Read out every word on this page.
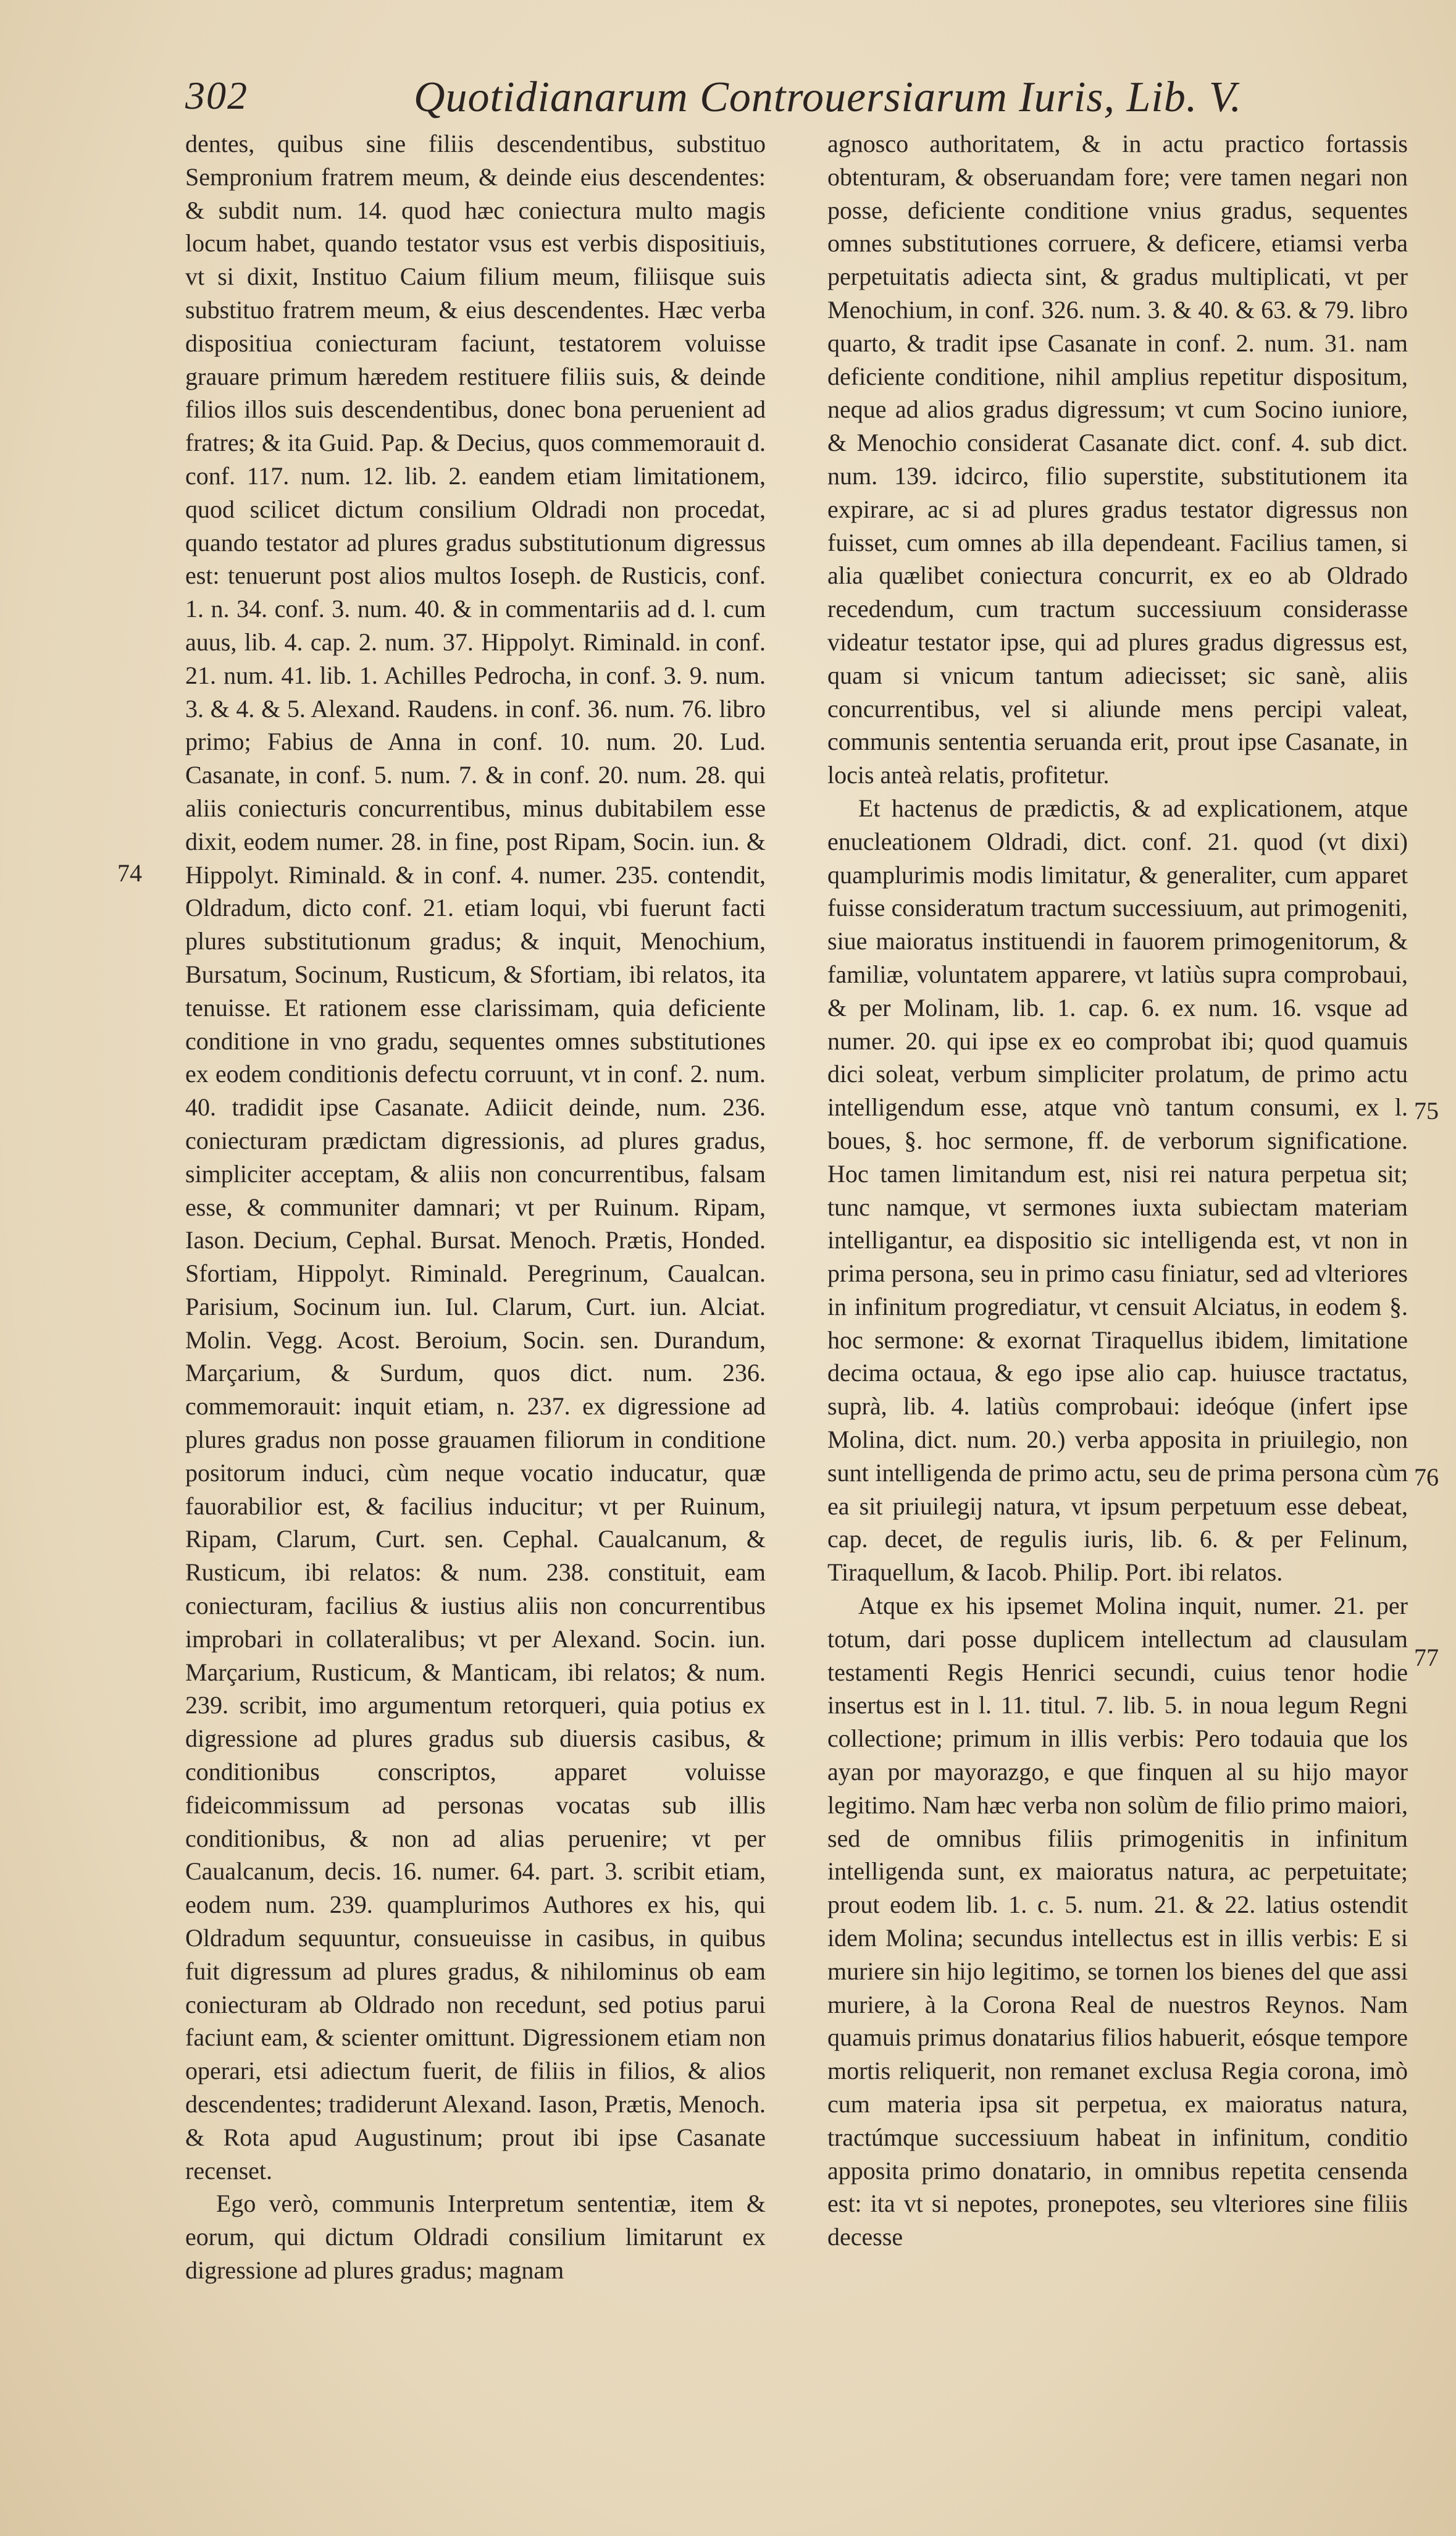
302	Quotidianarum Controuersiarum Iuris, Lib. V.

dentes, quibus sine filiis descendentibus, substituo Sempronium fratrem meum, & deinde eius descendentes: & subdit num. 14. quod hæc coniectura multo magis locum habet, quando testator vsus est verbis dispositiuis, vt si dixit, Instituo Caium filium meum, filiisque suis substituo fratrem meum, & eius descendentes. Hæc verba dispositiua coniecturam faciunt, testatorem voluisse grauare primum hæredem restituere filiis suis, & deinde filios illos suis descendentibus, donec bona peruenient ad fratres; & ita Guid. Pap. & Decius, quos commemorauit d. conf. 117. num. 12. lib. 2. eandem etiam limitationem, quod scilicet dictum consilium Oldradi non procedat, quando testator ad plures gradus substitutionum digressus est: tenuerunt post alios multos Ioseph. de Rusticis, conf. 1. n. 34. conf. 3. num. 40. & in commentariis ad d. l. cum auus, lib. 4. cap. 2. num. 37. Hippolyt. Riminald. in conf. 21. num. 41. lib. 1. Achilles Pedrocha, in conf. 3. 9. num. 3. & 4. & 5. Alexand. Raudens. in conf. 36. num. 76. libro primo; Fabius de Anna in conf. 10. num. 20. Lud. Casanate, in conf. 5. num. 7. & in conf. 20. num. 28. qui aliis coniecturis concurrentibus, minus dubitabilem esse dixit, eodem numer. 28. in fine, post Ripam, Socin. iun. & Hippolyt. Riminald. & in conf. 4. numer. 235. contendit, Oldradum, dicto conf. 21. etiam loqui, vbi fuerunt facti plures substitutionum gradus; & inquit, Menochium, Bursatum, Socinum, Rusticum, & Sfortiam, ibi relatos, ita tenuisse. Et rationem esse clarissimam, quia deficiente conditione in vno gradu, sequentes omnes substitutiones ex eodem conditionis defectu corruunt, vt in conf. 2. num. 40. tradidit ipse Casanate. Adiicit deinde, num. 236. coniecturam prædictam digressionis, ad plures gradus, simpliciter acceptam, & aliis non concurrentibus, falsam esse, & communiter damnari; vt per Ruinum. Ripam, Iason. Decium, Cephal. Bursat. Menoch. Prætis, Honded. Sfortiam, Hippolyt. Riminald. Peregrinum, Caualcan. Parisium, Socinum iun. Iul. Clarum, Curt. iun. Alciat. Molin. Vegg. Acost. Beroium, Socin. sen. Durandum, Marçarium, & Surdum, quos dict. num. 236. commemorauit: inquit etiam, n. 237. ex digressione ad plures gradus non posse grauamen filiorum in conditione positorum induci, cùm neque vocatio inducatur, quæ fauorabilior est, & facilius inducitur; vt per Ruinum, Ripam, Clarum, Curt. sen. Cephal. Caualcanum, & Rusticum, ibi relatos: & num. 238. constituit, eam coniecturam, facilius & iustius aliis non concurrentibus improbari in collateralibus; vt per Alexand. Socin. iun. Marçarium, Rusticum, & Manticam, ibi relatos; & num. 239. scribit, imo argumentum retorqueri, quia potius ex digressione ad plures gradus sub diuersis casibus, & conditionibus conscriptos, apparet voluisse fideicommissum ad personas vocatas sub illis conditionibus, & non ad alias peruenire; vt per Caualcanum, decis. 16. numer. 64. part. 3. scribit etiam, eodem num. 239. quamplurimos Authores ex his, qui Oldradum sequuntur, consueuisse in casibus, in quibus fuit digressum ad plures gradus, & nihilominus ob eam coniecturam ab Oldrado non recedunt, sed potius parui faciunt eam, & scienter omittunt. Digressionem etiam non operari, etsi adiectum fuerit, de filiis in filios, & alios descendentes; tradiderunt Alexand. Iason, Prætis, Menoch. & Rota apud Augustinum; prout ibi ipse Casanate recenset.

Ego verò, communis Interpretum sententiæ, item & eorum, qui dictum Oldradi consilium limitarunt ex digressione ad plures gradus; magnam

agnosco authoritatem, & in actu practico fortassis obtenturam, & obseruandam fore; vere tamen negari non posse, deficiente conditione vnius gradus, sequentes omnes substitutiones corruere, & deficere, etiamsi verba perpetuitatis adiecta sint, & gradus multiplicati, vt per Menochium, in conf. 326. num. 3. & 40. & 63. & 79. libro quarto, & tradit ipse Casanate in conf. 2. num. 31. nam deficiente conditione, nihil amplius repetitur dispositum, neque ad alios gradus digressum; vt cum Socino iuniore, & Menochio considerat Casanate dict. conf. 4. sub dict. num. 139. idcirco, filio superstite, substitutionem ita expirare, ac si ad plures gradus testator digressus non fuisset, cum omnes ab illa dependeant. Facilius tamen, si alia quælibet coniectura concurrit, ex eo ab Oldrado recedendum, cum tractum successiuum considerasse videatur testator ipse, qui ad plures gradus digressus est, quam si vnicum tantum adiecisset; sic sanè, aliis concurrentibus, vel si aliunde mens percipi valeat, communis sententia seruanda erit, prout ipse Casanate, in locis anteà relatis, profitetur.

Et hactenus de prædictis, & ad explicationem, atque enucleationem Oldradi, dict. conf. 21. quod (vt dixi) quamplurimis modis limitatur, & generaliter, cum apparet fuisse consideratum tractum successiuum, aut primogeniti, siue maioratus instituendi in fauorem primogenitorum, & familiæ, voluntatem apparere, vt latiùs supra comprobaui, & per Molinam, lib. 1. cap. 6. ex num. 16. vsque ad numer. 20. qui ipse ex eo comprobat ibi; quod quamuis dici soleat, verbum simpliciter prolatum, de primo actu intelligendum esse, atque vnò tantum consumi, ex l. boues, §. hoc sermone, ff. de verborum significatione. Hoc tamen limitandum est, nisi rei natura perpetua sit; tunc namque, vt sermones iuxta subiectam materiam intelligantur, ea dispositio sic intelligenda est, vt non in prima persona, seu in primo casu finiatur, sed ad vlteriores in infinitum progrediatur, vt censuit Alciatus, in eodem §. hoc sermone: & exornat Tiraquellus ibidem, limitatione decima octaua, & ego ipse alio cap. huiusce tractatus, suprà, lib. 4. latiùs comprobaui: ideóque (infert ipse Molina, dict. num. 20.) verba apposita in priuilegio, non sunt intelligenda de primo actu, seu de prima persona cùm ea sit priuilegij natura, vt ipsum perpetuum esse debeat, cap. decet, de regulis iuris, lib. 6. & per Felinum, Tiraquellum, & Iacob. Philip. Port. ibi relatos.

Atque ex his ipsemet Molina inquit, numer. 21. per totum, dari posse duplicem intellectum ad clausulam testamenti Regis Henrici secundi, cuius tenor hodie insertus est in l. 11. titul. 7. lib. 5. in noua legum Regni collectione; primum in illis verbis: Pero todauia que los ayan por mayorazgo, e que finquen al su hijo mayor legitimo. Nam hæc verba non solùm de filio primo maiori, sed de omnibus filiis primogenitis in infinitum intelligenda sunt, ex maioratus natura, ac perpetuitate; prout eodem lib. 1. c. 5. num. 21. & 22. latius ostendit idem Molina; secundus intellectus est in illis verbis: E si muriere sin hijo legitimo, se tornen los bienes del que assi muriere, à la Corona Real de nuestros Reynos. Nam quamuis primus donatarius filios habuerit, eósque tempore mortis reliquerit, non remanet exclusa Regia corona, imò cum materia ipsa sit perpetua, ex maioratus natura, tractúmque successiuum habeat in infinitum, conditio apposita primo donatario, in omnibus repetita censenda est: ita vt si nepotes, pronepotes, seu vlteriores sine filiis decesse

74
75
76
77
